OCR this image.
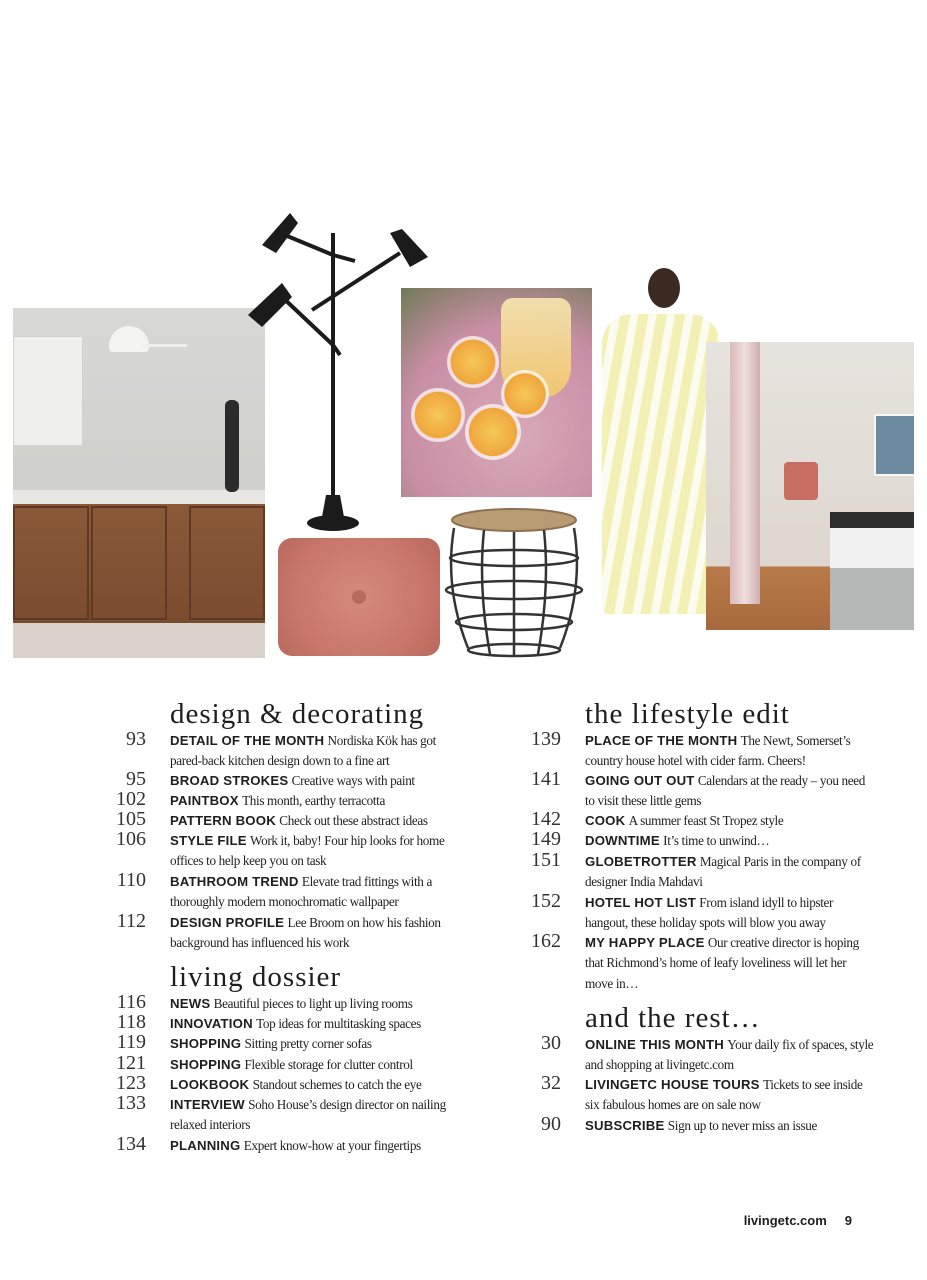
design & decorating
93 DETAIL OF THE MONTH Nordiska Kök has got pared-back kitchen design down to a fine art
95 BROAD STROKES Creative ways with paint
102 PAINTBOX This month, earthy terracotta
105 PATTERN BOOK Check out these abstract ideas
106 STYLE FILE Work it, baby! Four hip looks for home offices to help keep you on task
110 BATHROOM TREND Elevate trad fittings with a thoroughly modern monochromatic wallpaper
112 DESIGN PROFILE Lee Broom on how his fashion background has influenced his work
living dossier
116 NEWS Beautiful pieces to light up living rooms
118 INNOVATION Top ideas for multitasking spaces
119 SHOPPING Sitting pretty corner sofas
121 SHOPPING Flexible storage for clutter control
123 LOOKBOOK Standout schemes to catch the eye
133 INTERVIEW Soho House’s design director on nailing relaxed interiors
134 PLANNING Expert know-how at your fingertips
the lifestyle edit
139 PLACE OF THE MONTH The Newt, Somerset’s country house hotel with cider farm. Cheers!
141 GOING OUT OUT Calendars at the ready – you need to visit these little gems
142 COOK A summer feast St Tropez style
149 DOWNTIME It’s time to unwind…
151 GLOBETROTTER Magical Paris in the company of designer India Mahdavi
152 HOTEL HOT LIST From island idyll to hipster hangout, these holiday spots will blow you away
162 MY HAPPY PLACE Our creative director is hoping that Richmond’s home of leafy loveliness will let her move in…
and the rest…
30 ONLINE THIS MONTH Your daily fix of spaces, style and shopping at livingetc.com
32 LIVINGETC HOUSE TOURS Tickets to see inside six fabulous homes are on sale now
90 SUBSCRIBE Sign up to never miss an issue
livingetc.com 9
